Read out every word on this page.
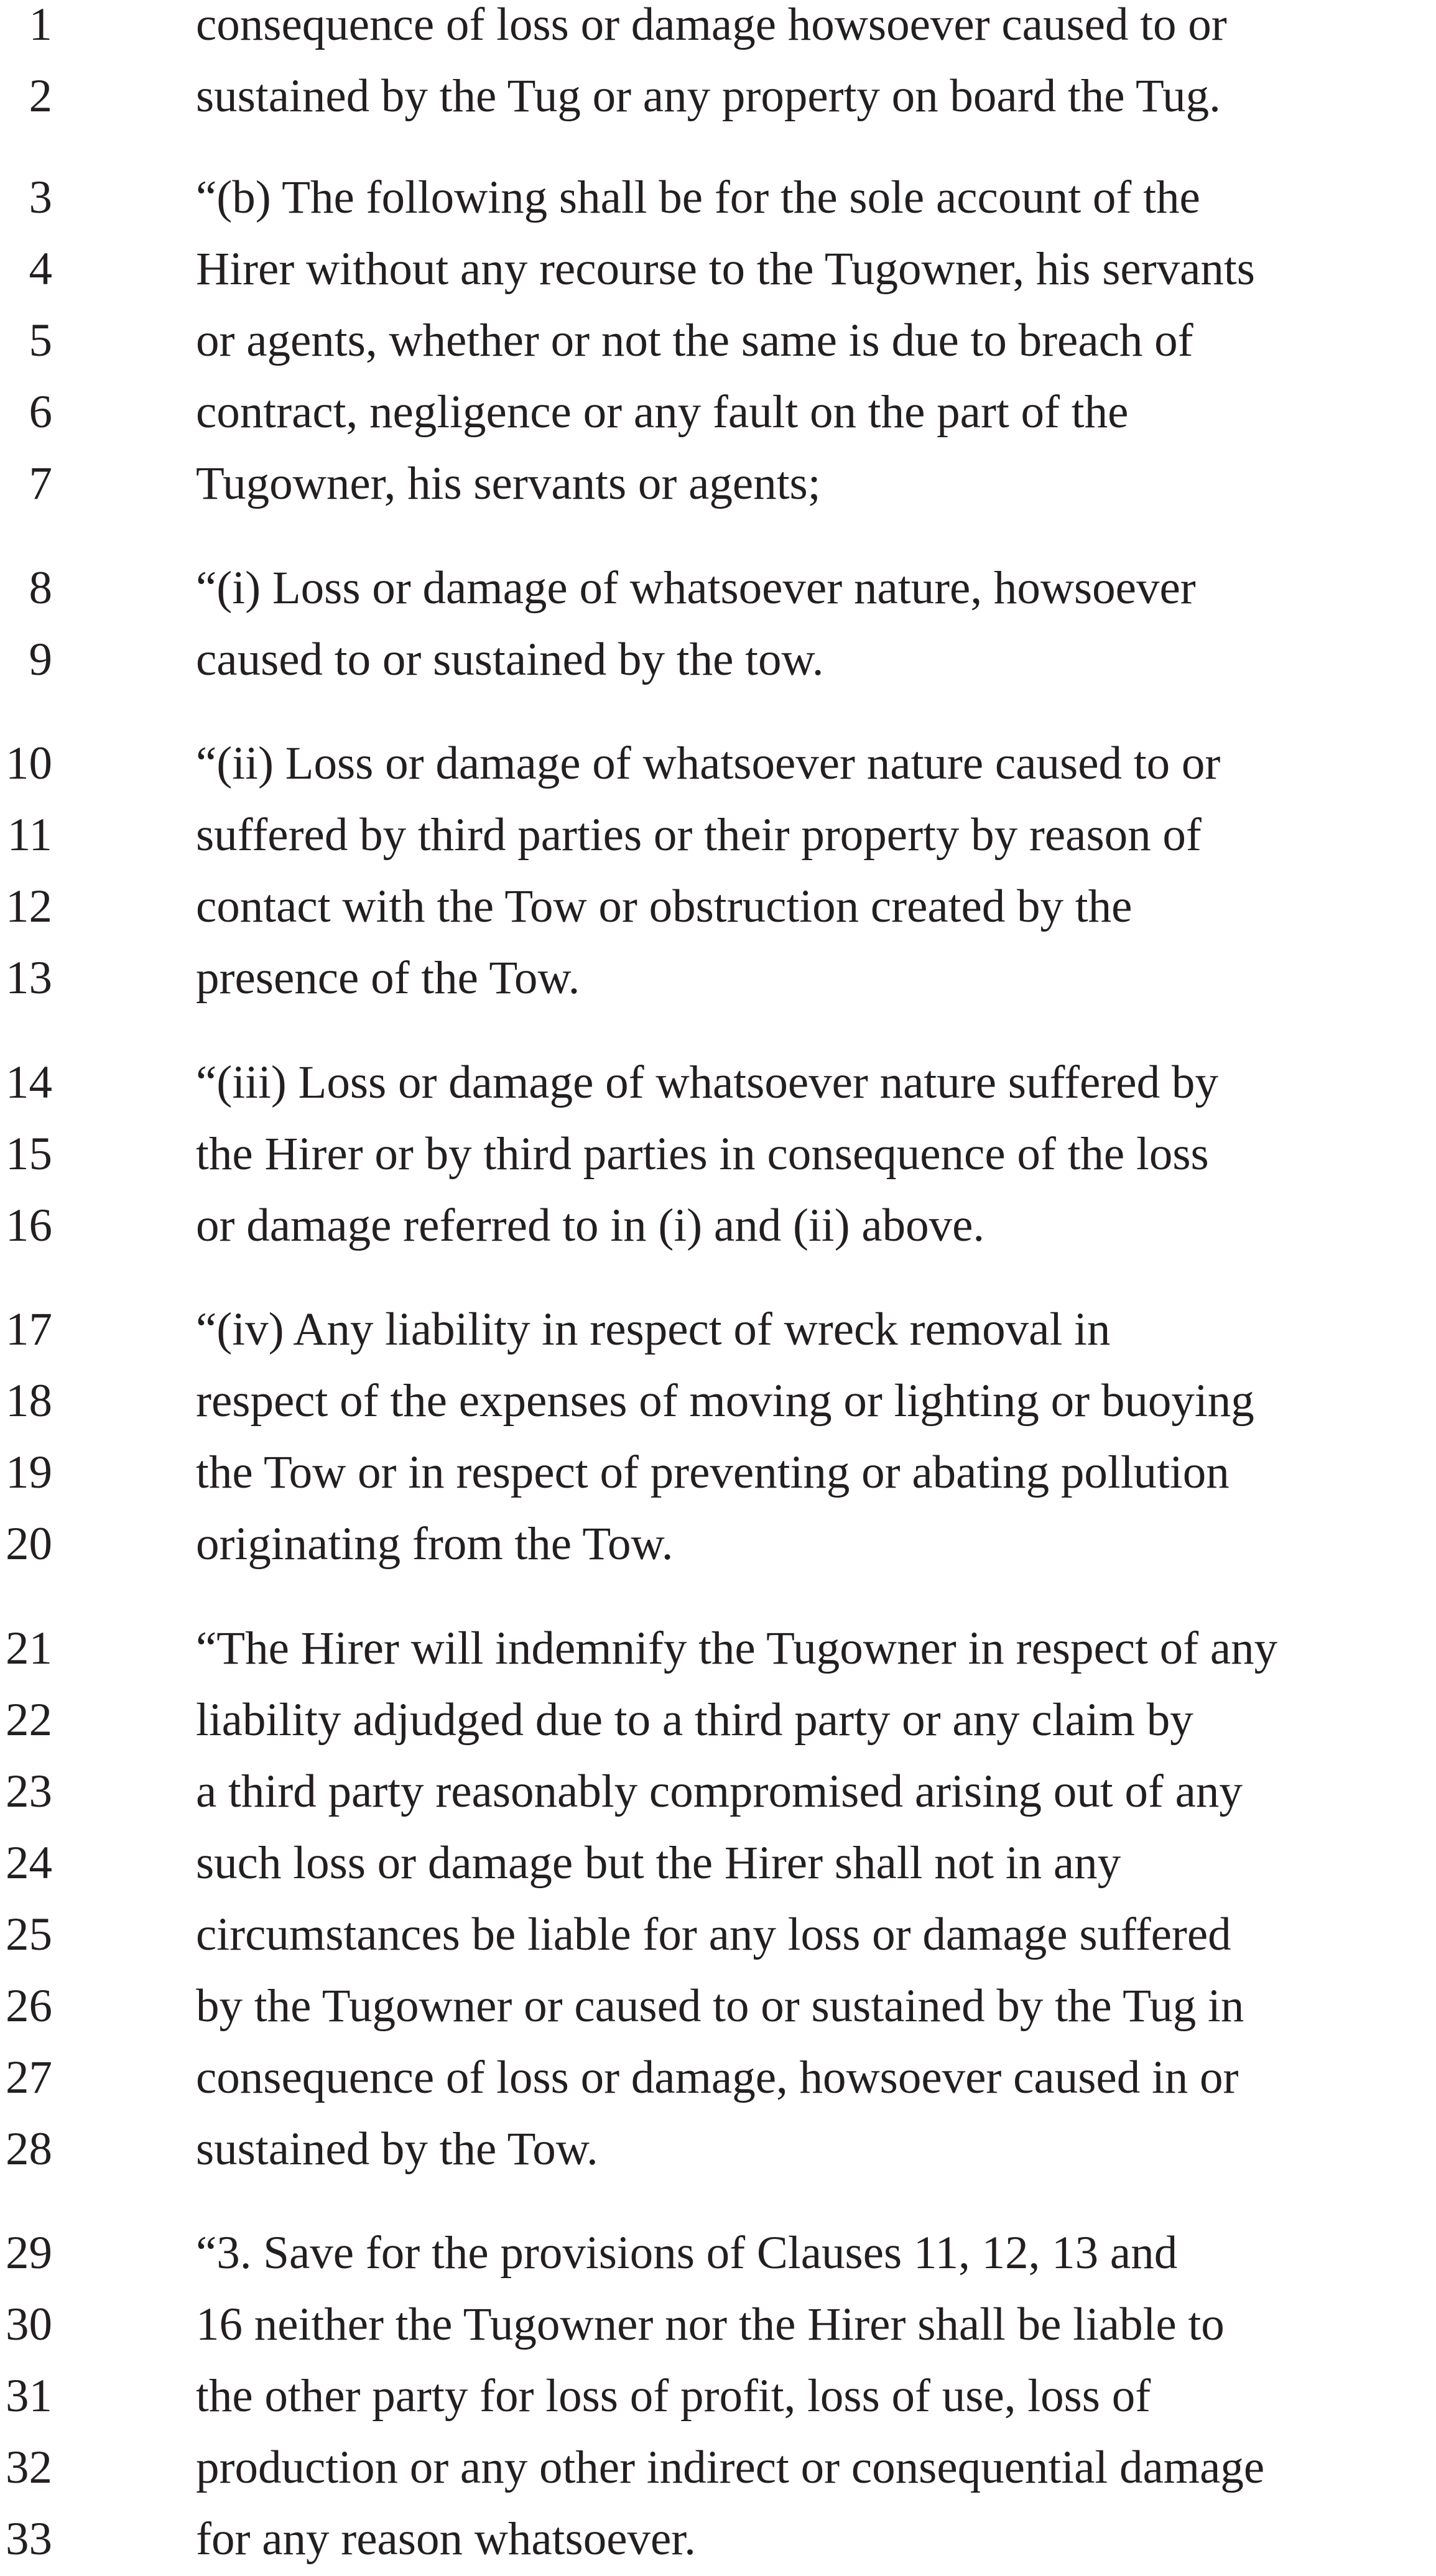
1	consequence of loss or damage howsoever caused to or
2	sustained by the Tug or any property on board the Tug.
3	“(b) The following shall be for the sole account of the
4	Hirer without any recourse to the Tugowner, his servants
5	or agents, whether or not the same is due to breach of
6	contract, negligence or any fault on the part of the
7	Tugowner, his servants or agents;
8	“(i) Loss or damage of whatsoever nature, howsoever
9	caused to or sustained by the tow.
10	“(ii) Loss or damage of whatsoever nature caused to or
11	suffered by third parties or their property by reason of
12	contact with the Tow or obstruction created by the
13	presence of the Tow.
14	“(iii) Loss or damage of whatsoever nature suffered by
15	the Hirer or by third parties in consequence of the loss
16	or damage referred to in (i) and (ii) above.
17	“(iv) Any liability in respect of wreck removal in
18	respect of the expenses of moving or lighting or buoying
19	the Tow or in respect of preventing or abating pollution
20	originating from the Tow.
21	“The Hirer will indemnify the Tugowner in respect of any
22	liability adjudged due to a third party or any claim by
23	a third party reasonably compromised arising out of any
24	such loss or damage but the Hirer shall not in any
25	circumstances be liable for any loss or damage suffered
26	by the Tugowner or caused to or sustained by the Tug in
27	consequence of loss or damage, howsoever caused in or
28	sustained by the Tow.
29	“3. Save for the provisions of Clauses 11, 12, 13 and
30	16 neither the Tugowner nor the Hirer shall be liable to
31	the other party for loss of profit, loss of use, loss of
32	production or any other indirect or consequential damage
33	for any reason whatsoever.
